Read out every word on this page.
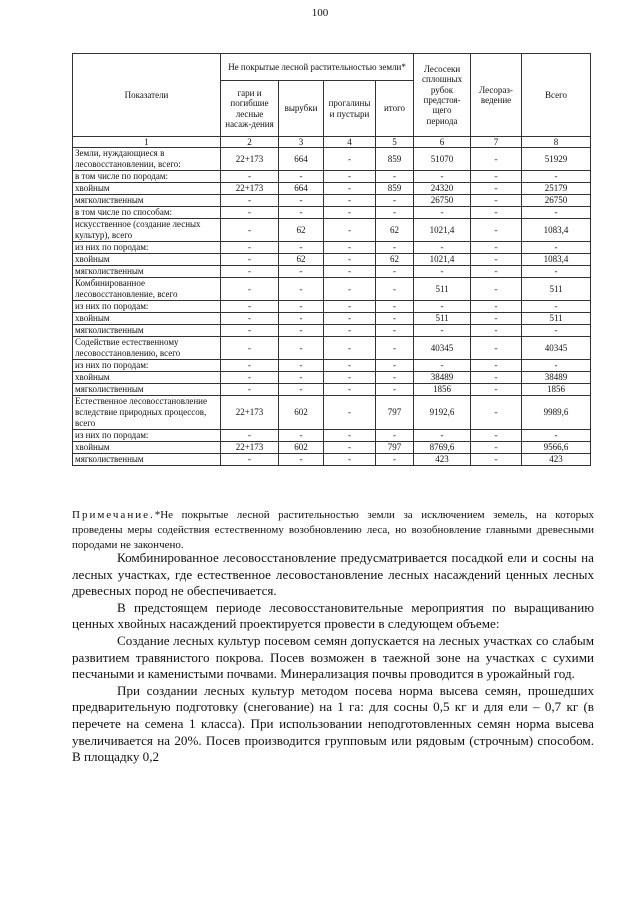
100
Показатели	Не покрытые лесной растительностью земли*				Лесосеки сплошных рубок предстоя-щего периода	Лесораз-ведение	Всего
	гари и погибшие лесные насаж-дения	вырубки	прогалины и пустыри	итого			
1	2	3	4	5	6	7	8
Земли, нуждающиеся в лесовосстановлении, всего:	22+173	664	-	859	51070	-	51929
в том числе по породам:	-	-	-	-	-	-	-
хвойным	22+173	664	-	859	24320	-	25179
мягколиственным	-	-	-	-	26750	-	26750
в том числе по способам:	-	-	-	-	-	-	-
искусственное (создание лесных культур), всего	-	62	-	62	1021,4	-	1083,4
из них по породам:	-	-	-	-	-	-	-
хвойным	-	62	-	62	1021,4	-	1083,4
мягколиственным	-	-	-	-	-	-	-
Комбинированное лесовосстановление, всего	-	-	-	-	511	-	511
из них по породам:	-	-	-	-	-	-	-
хвойным	-	-	-	-	511	-	511
мягколиственным	-	-	-	-	-	-	-
Содействие естественному лесовосстановлению, всего	-	-	-	-	40345	-	40345
из них по породам:	-	-	-	-	-	-	-
хвойным	-	-	-	-	38489	-	38489
мягколиственным	-	-	-	-	1856	-	1856
Естественное лесовосстановление вследствие природных процессов, всего	22+173	602	-	797	9192,6	-	9989,6
из них по породам:	-	-	-	-	-	-	-
хвойным	22+173	602	-	797	8769,6	-	9566,6
мягколиственным	-	-	-	-	423	-	423
Примечание.*Не покрытые лесной растительностью земли за исключением земель, на которых проведены меры содействия естественному возобновлению леса, но возобновление главными древесными породами не закончено.

Комбинированное лесовосстановление предусматривается посадкой ели и сосны на лесных участках, где естественное лесовостановление лесных насаждений ценных лесных древесных пород не обеспечивается.

В предстоящем периоде лесовосстановительные мероприятия по выращиванию ценных хвойных насаждений проектируется провести в следующем объеме:

Создание лесных культур посевом семян допускается на лесных участках со слабым развитием травянистого покрова. Посев возможен в таежной зоне на участках с сухими песчаными и каменистыми почвами. Минерализация почвы проводится в урожайный год.

При создании лесных культур методом посева норма высева семян, прошедших предварительную подготовку (снегование) на 1 га: для сосны 0,5 кг и для ели – 0,7 кг (в перечете на семена 1 класса). При использовании неподготовленных семян норма высева увеличивается на 20%. Посев производится групповым или рядовым (строчным) способом. В площадку 0,2
